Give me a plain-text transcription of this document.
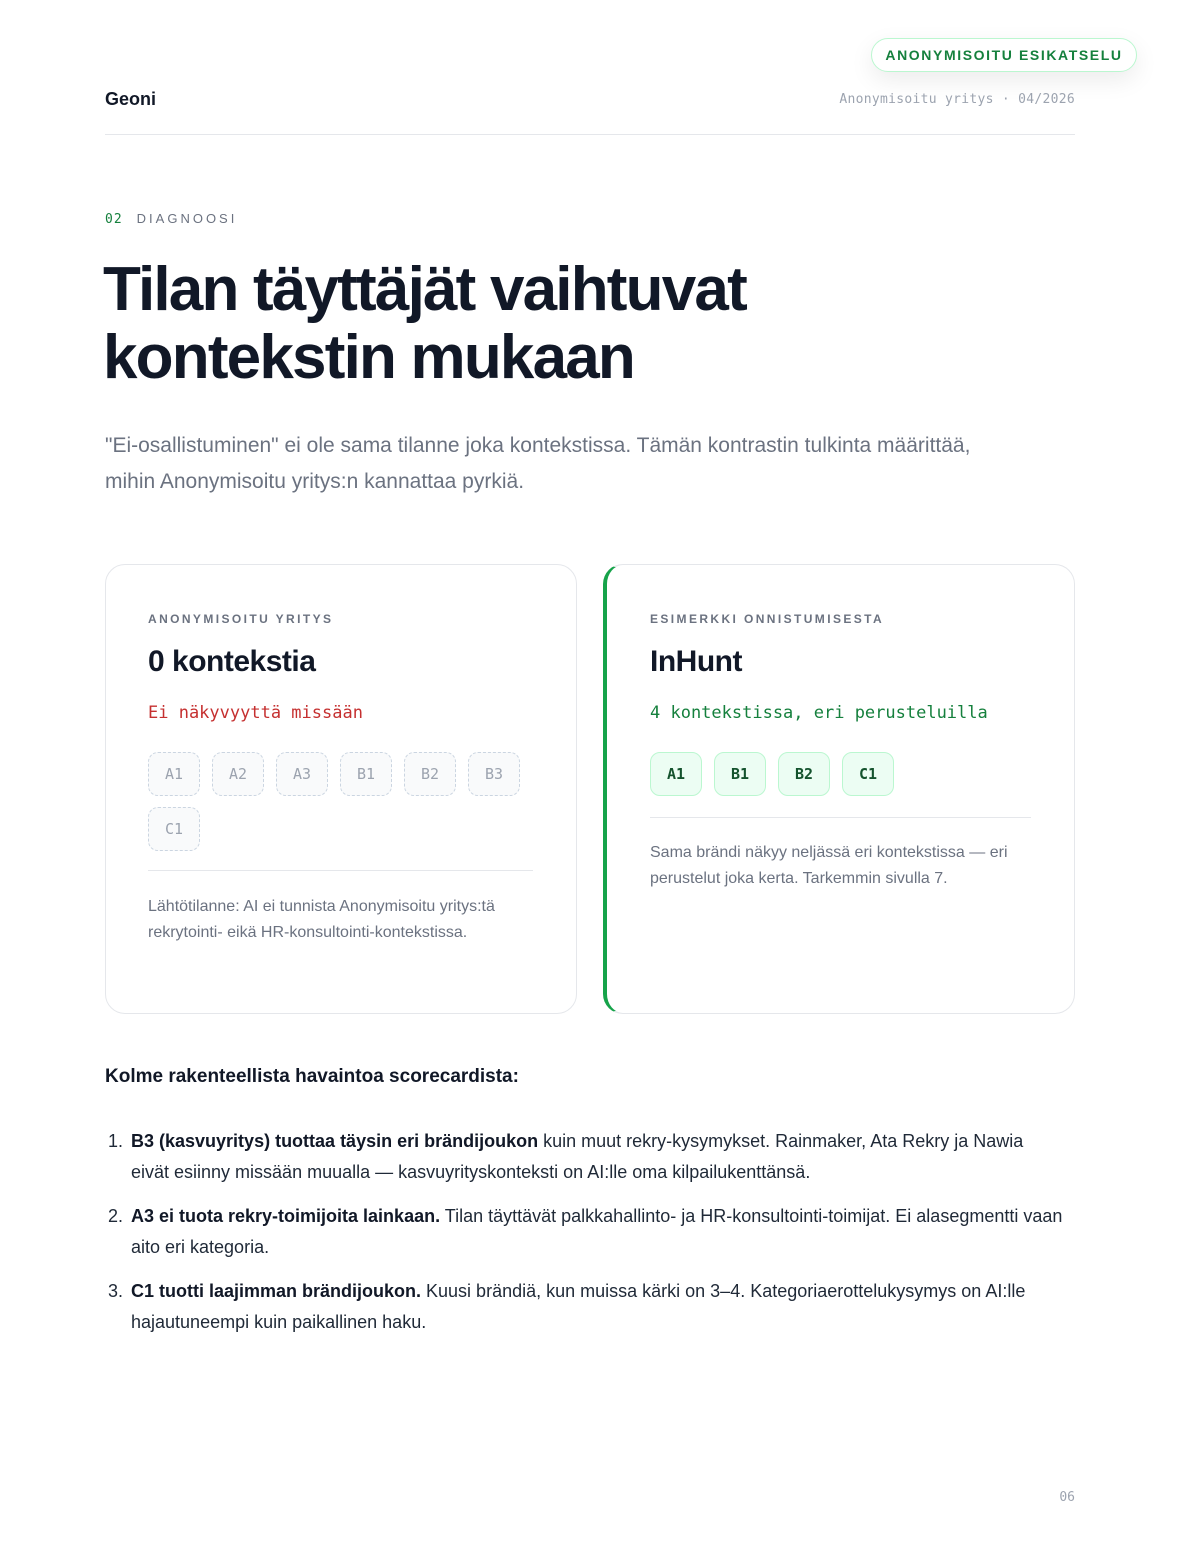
ANONYMISOITU ESIKATSELU
Geoni	Anonymisoitu yritys · 04/2026
02 DIAGNOOSI
Tilan täyttäjät vaihtuvat
kontekstin mukaan

"Ei-osallistuminen" ei ole sama tilanne joka kontekstissa. Tämän kontrastin tulkinta määrittää, mihin Anonymisoitu yritys:n kannattaa pyrkiä.

ANONYMISOITU YRITYS
0 kontekstia
Ei näkyvyyttä missään
A1	A2	A3	B1	B2	B3
C1

Lähtötilanne: AI ei tunnista Anonymisoitu yritys:tä rekrytointi- eikä HR-konsultointi-kontekstissa.

ESIMERKKI ONNISTUMISESTA
InHunt
4 kontekstissa, eri perusteluilla
A1	B1	B2	C1

Sama brändi näkyy neljässä eri kontekstissa — eri perustelut joka kerta. Tarkemmin sivulla 7.

Kolme rakenteellista havaintoa scorecardista:
1. B3 (kasvuyritys) tuottaa täysin eri brändijoukon kuin muut rekry-kysymykset. Rainmaker, Ata Rekry ja Nawia eivät esiinny missään muualla — kasvuyrityskonteksti on AI:lle oma kilpailukenttänsä.
2. A3 ei tuota rekry-toimijoita lainkaan. Tilan täyttävät palkkahallinto- ja HR-konsultointi-toimijat. Ei alasegmentti vaan aito eri kategoria.
3. C1 tuotti laajimman brändijoukon. Kuusi brändiä, kun muissa kärki on 3–4. Kategoriaerottelukysymys on AI:lle hajautuneempi kuin paikallinen haku.
06
